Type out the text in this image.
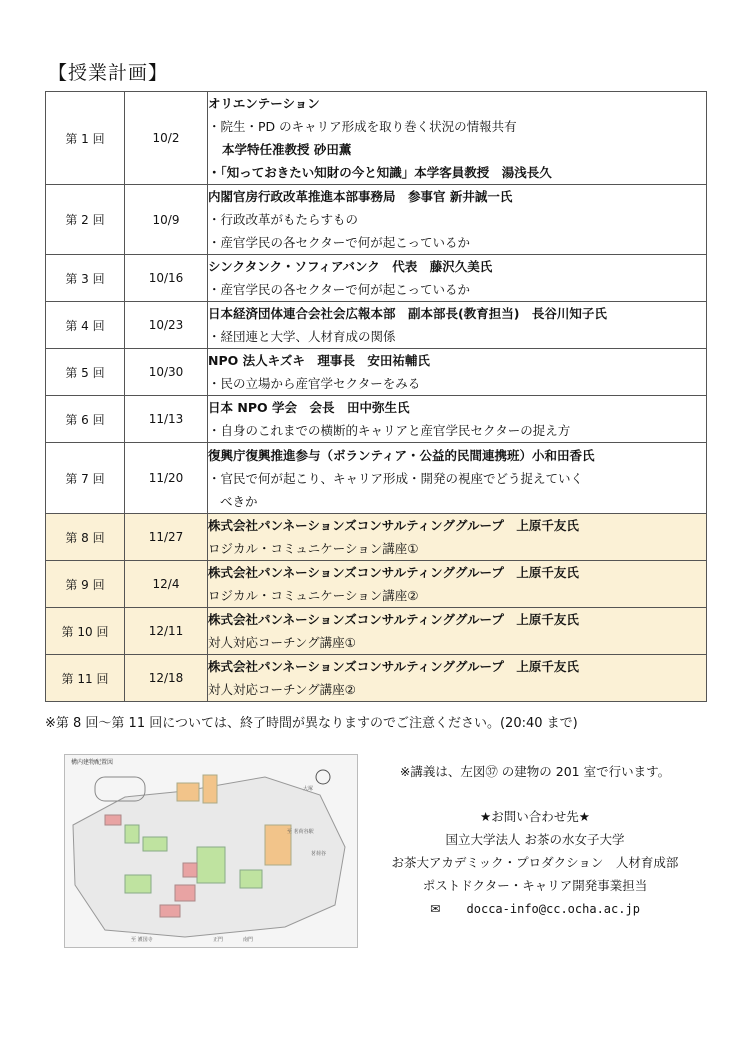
【授業計画】
第 1 回	10/2	オリエンテーション
・院生・PD のキャリア形成を取り巻く状況の情報共有
本学特任准教授 砂田薫
・「知っておきたい知財の今と知識」本学客員教授　湯浅長久

第 2 回	10/9	内閣官房行政改革推進本部事務局　参事官 新井誠一氏
・行政改革がもたらすもの
・産官学民の各セクターで何が起こっているか

第 3 回	10/16	シンクタンク・ソフィアバンク　代表　藤沢久美氏
・産官学民の各セクターで何が起こっているか

第 4 回	10/23	日本経済団体連合会社会広報本部　副本部長(教育担当)　長谷川知子氏
・経団連と大学、人材育成の関係

第 5 回	10/30	NPO 法人キズキ　理事長　安田祐輔氏
・民の立場から産官学セクターをみる

第 6 回	11/13	日本 NPO 学会　会長　田中弥生氏
・自身のこれまでの横断的キャリアと産官学民セクターの捉え方

第 7 回	11/20	復興庁復興推進参与（ボランティア・公益的民間連携班）小和田香氏
・官民で何が起こり、キャリア形成・開発の視座でどう捉えていく
べきか

第 8 回	11/27	株式会社パンネーションズコンサルティンググループ　上原千友氏
ロジカル・コミュニケーション講座①

第 9 回	12/4	株式会社パンネーションズコンサルティンググループ　上原千友氏
ロジカル・コミュニケーション講座②

第 10 回	12/11	株式会社パンネーションズコンサルティンググループ　上原千友氏
対人対応コーチング講座①

第 11 回	12/18	株式会社パンネーションズコンサルティンググループ　上原千友氏
対人対応コーチング講座②
※第 8 回〜第 11 回については、終了時間が異なりますのでご注意ください。(20:40 まで)
構内建物配置図
大塚
茗荷谷
至 茗荷谷駅
正門	南門
至 護国寺
※講義は、左図㊲ の建物の 201 室で行います。
★お問い合わせ先★
国立大学法人 お茶の水女子大学
お茶大アカデミック・プロダクション　人材育成部
ポストドクター・キャリア開発事業担当
✉ docca-info@cc.ocha.ac.jp
